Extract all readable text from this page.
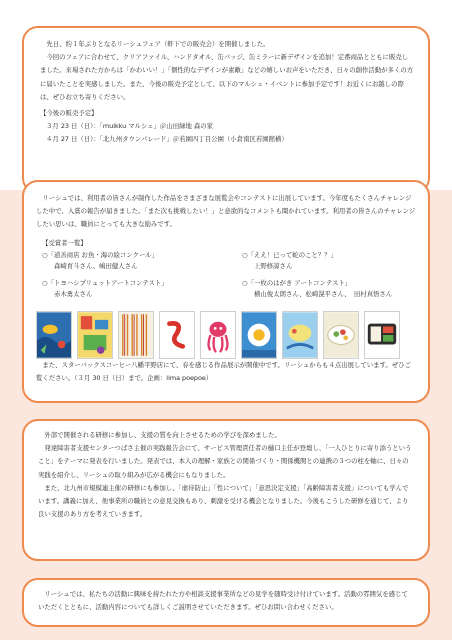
先日、約１年ぶりとなるリーシュフェア（軒下での販売会）を開催しました。

今回のフェアに合わせて、クリアファイル、ハンドタオル、缶バッジ、缶ミラーに新デザインを追加！定番商品とともに販売しました。来場された方からは「かわいい！」「個性的なデザインが素敵」などの嬉しいお声をいただき、日々の創作活動が多くの方に届いたことを実感しました。また、今後の販売予定として、以下のマルシェ・イベントに参加予定です！お近くにお越しの際は、ぜひお立ち寄りください。

【今後の販売予定】
３月 23 日（日）：「muikku マルシェ」＠山田緑地 森の家
４月 27 日（日）：「北九州タウンパレード」＠若園四丁目公園（小倉南区若園館横）

リーシュでは、利用者の皆さんが制作した作品をさまざまな展覧会やコンテストに出展しています。今年度もたくさんチャレンジした中で、入賞の報告が届きました。「また次も挑戦したい！」と意欲的なコメントも聞かれています。利用者の皆さんのチャレンジしたい思いは、職員にとっても大きな励みです。

【受賞者一覧】
○「道善商店 お魚・海の絵コンクール」
森崎育斗さん、嶋田健人さん
○「トヨハシプリュットアートコンテスト」
赤木勇太さん
○「ええ！已って蛇のこと？？」
上野修諒さん
○「一枚のはがき アートコンテスト」
横山俊太朗さん、松崎滉平さん、　田村真悟さん

また、スターバックスコーヒー八幡平野店にて、春を感じる作品展示が開催中です。リーシュからも４点出展しています。ぜひご覧ください。（３月 30 日（日）まで。企画：lima poepoe）

外部で開催される研修に参加し、支援の質を向上させるための学びを深めました。

発達障害者支援センターつばさ主催の実践報告会にて、サービス管理責任者の樋口主任が登壇し、「一人ひとりに寄り添うということ」をテーマに発表を行いました。発表では、本人の理解・家族との関係づくり・関係機関との連携の３つの柱を軸に、日々の実践を紹介し、リーシュの取り組みが広がる機会にもなりました。

また、北九州市規模連主催の研修にも参加し、「虐待防止」「性について」「意思決定支援」「高齢障害者支援」についても学んでいます。講義に加え、他事業所の職員との意見交換もあり、刺激を受ける機会となりました。今後もこうした研修を通じて、より良い支援のあり方を考えていきます。

リーシュでは、私たちの活動に興味を持たれた方や相談支援事業所などの見学を随時受け付けています。活動の雰囲気を感じていただくとともに、活動内容についても詳しくご説明させていただきます。ぜひお問い合わせください。
